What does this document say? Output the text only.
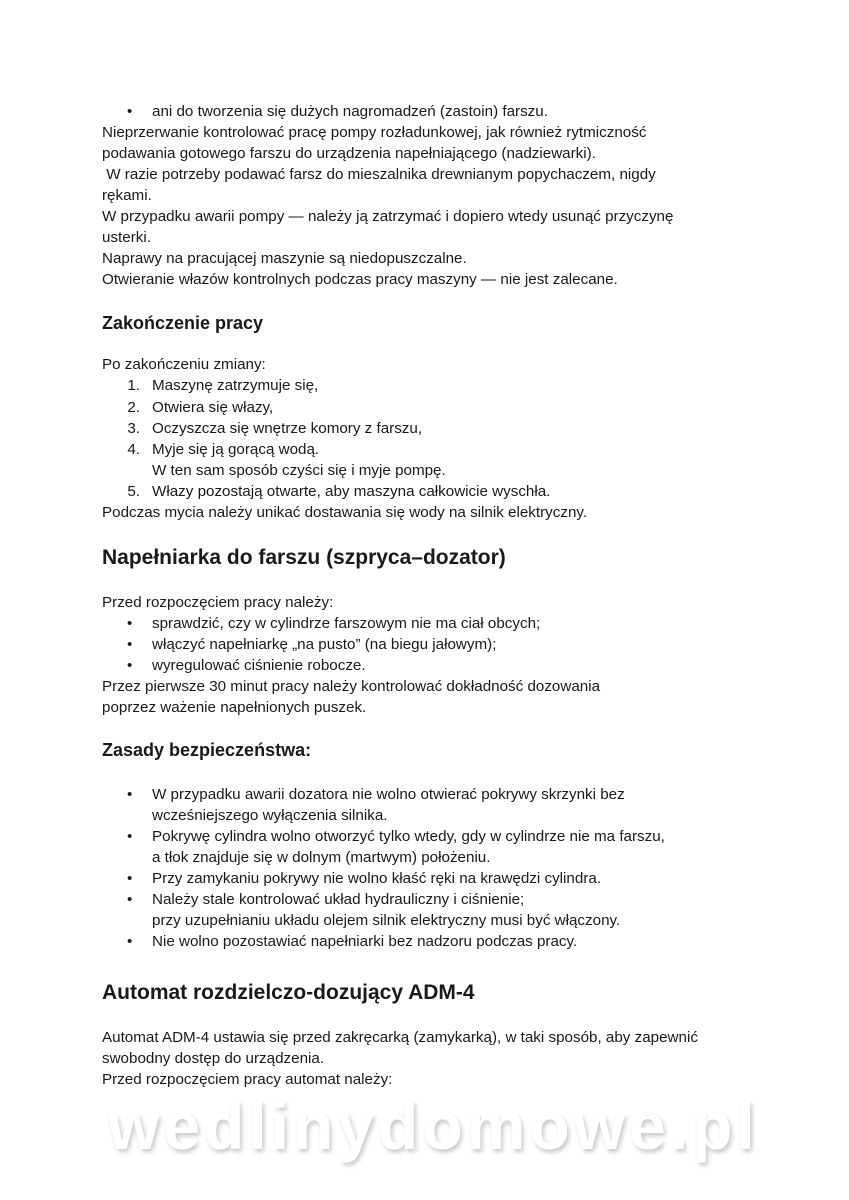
• ani do tworzenia się dużych nagromadzeń (zastoin) farszu.
Nieprzerwanie kontrolować pracę pompy rozładunkowej, jak również rytmiczność
podawania gotowego farszu do urządzenia napełniającego (nadziewarki).
W razie potrzeby podawać farsz do mieszalnika drewnianym popychaczem, nigdy
rękami.
W przypadku awarii pompy — należy ją zatrzymać i dopiero wtedy usunąć przyczynę
usterki.
Naprawy na pracującej maszynie są niedopuszczalne.
Otwieranie włazów kontrolnych podczas pracy maszyny — nie jest zalecane.
Zakończenie pracy
Po zakończeniu zmiany:
1. Maszynę zatrzymuje się,
2. Otwiera się włazy,
3. Oczyszcza się wnętrze komory z farszu,
4. Myje się ją gorącą wodą.
W ten sam sposób czyści się i myje pompę.
5. Włazy pozostają otwarte, aby maszyna całkowicie wyschła.
Podczas mycia należy unikać dostawania się wody na silnik elektryczny.
Napełniarka do farszu (szpryca–dozator)
Przed rozpoczęciem pracy należy:
• sprawdzić, czy w cylindrze farszowym nie ma ciał obcych;
• włączyć napełniarkę „na pusto” (na biegu jałowym);
• wyregulować ciśnienie robocze.
Przez pierwsze 30 minut pracy należy kontrolować dokładność dozowania
poprzez ważenie napełnionych puszek.
Zasady bezpieczeństwa:
• W przypadku awarii dozatora nie wolno otwierać pokrywy skrzynki bez
wcześniejszego wyłączenia silnika.
• Pokrywę cylindra wolno otworzyć tylko wtedy, gdy w cylindrze nie ma farszu,
a tłok znajduje się w dolnym (martwym) położeniu.
• Przy zamykaniu pokrywy nie wolno kłaść ręki na krawędzi cylindra.
• Należy stale kontrolować układ hydrauliczny i ciśnienie;
przy uzupełnianiu układu olejem silnik elektryczny musi być włączony.
• Nie wolno pozostawiać napełniarki bez nadzoru podczas pracy.
Automat rozdzielczo-dozujący ADM-4
Automat ADM-4 ustawia się przed zakręcarką (zamykarką), w taki sposób, aby zapewnić
swobodny dostęp do urządzenia.
Przed rozpoczęciem pracy automat należy:
wedlinydomowe.pl
